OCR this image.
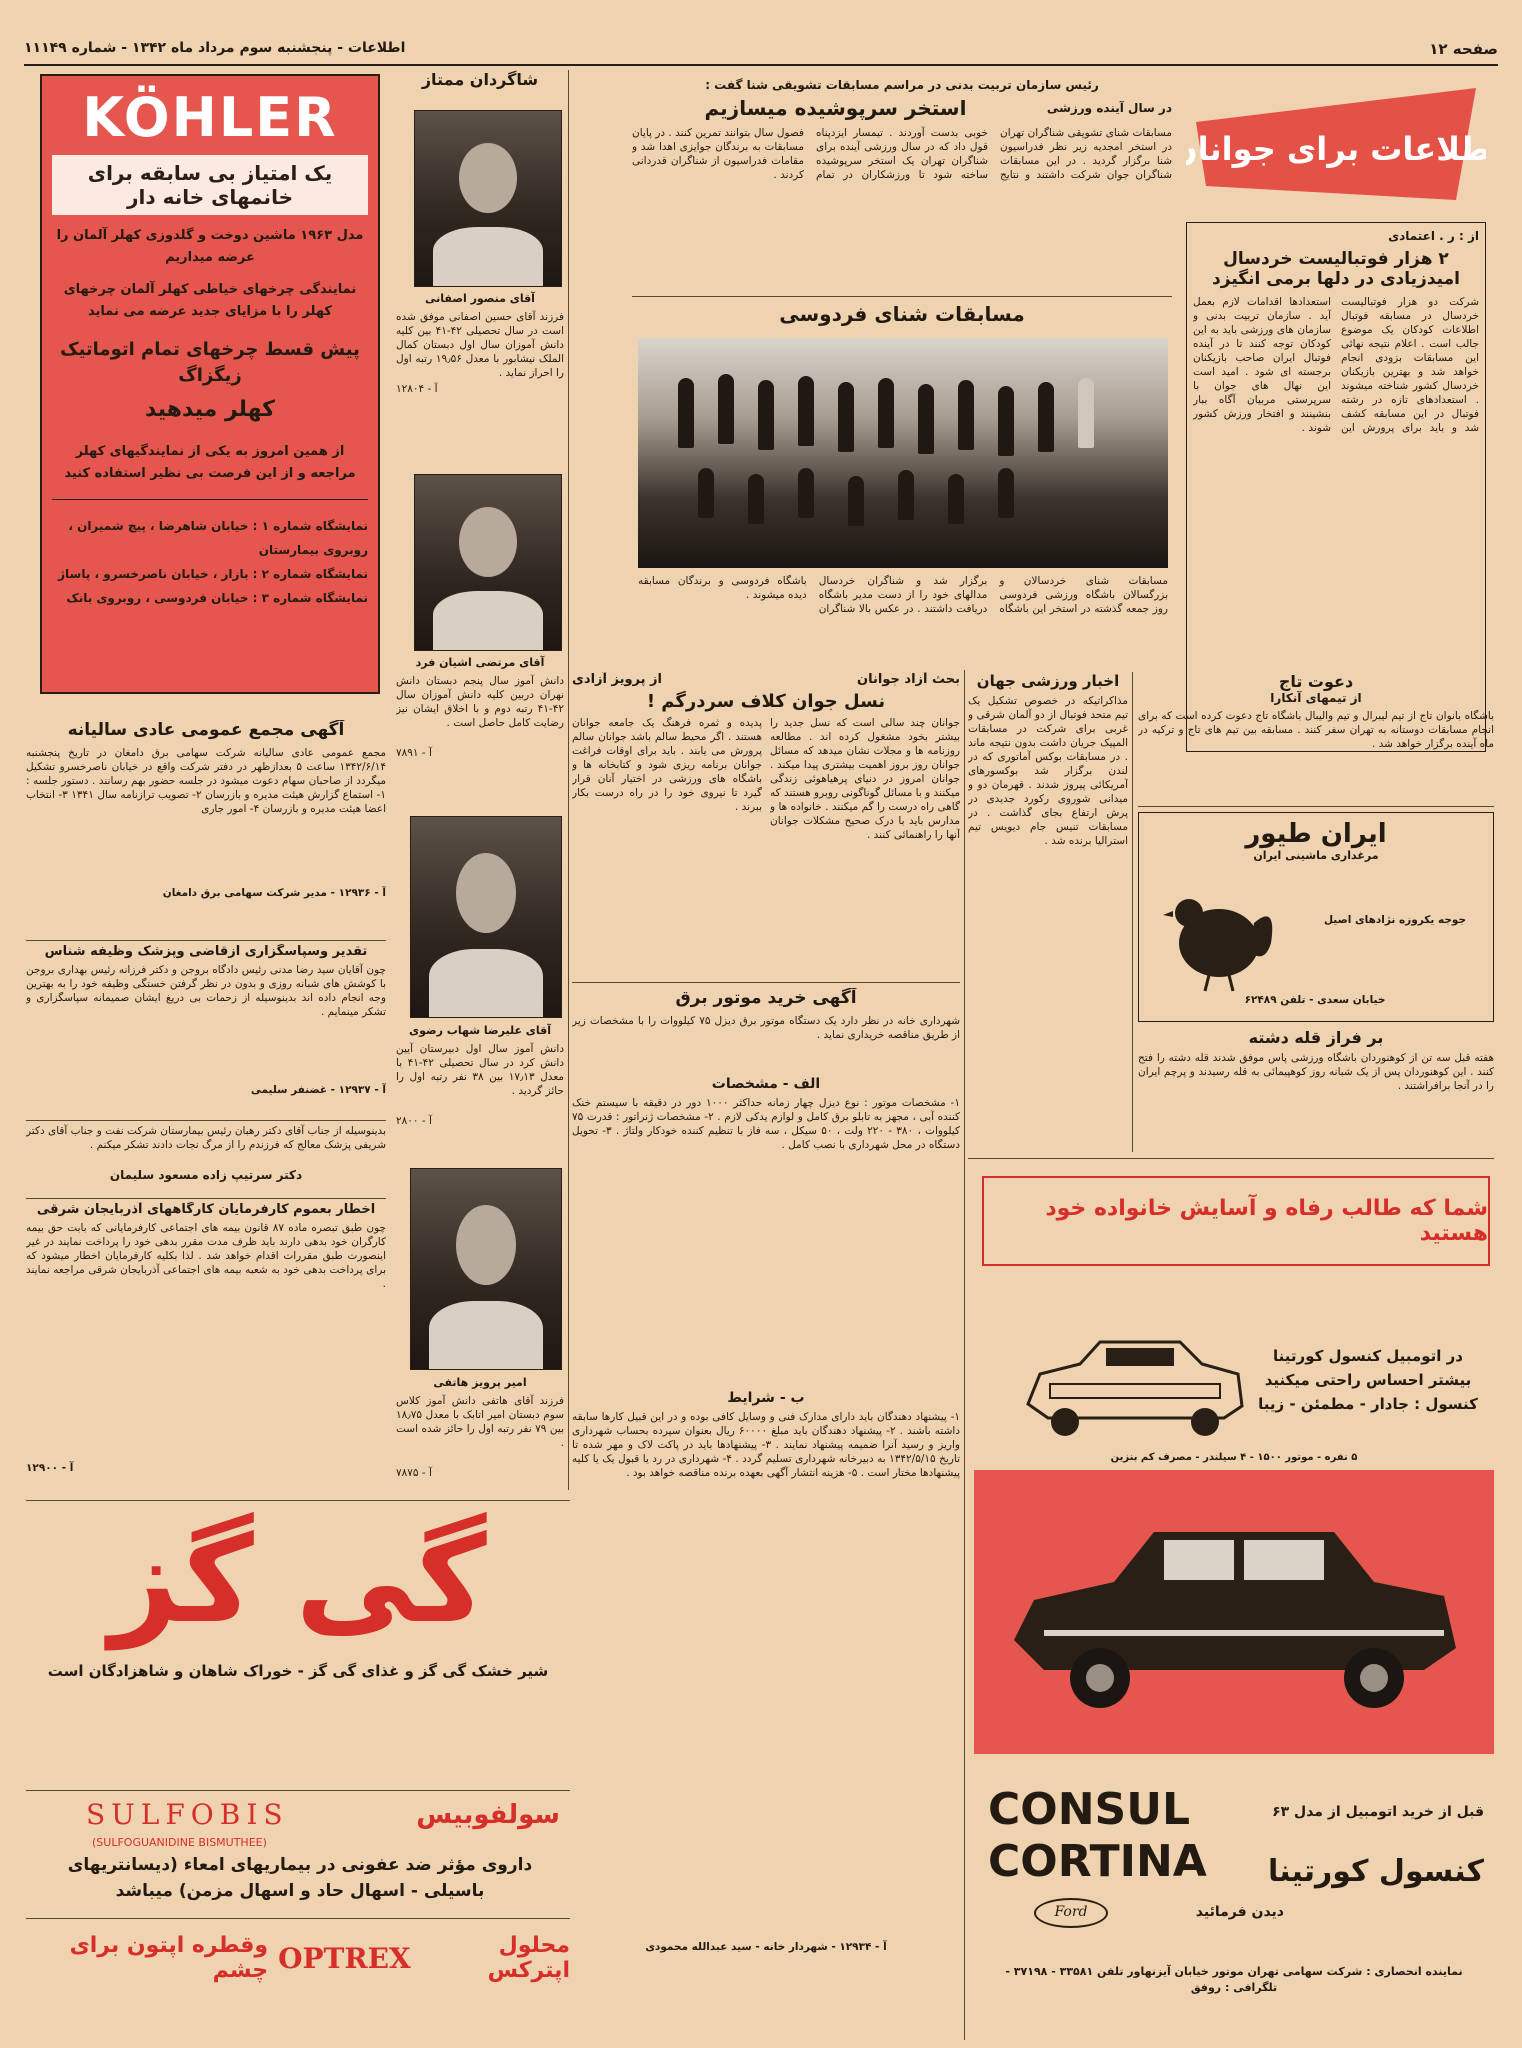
صفحه ۱۲
اطلاعات - پنجشنبه سوم مرداد ماه ۱۳۴۲ - شماره ۱۱۱۴۹
اطلاعات برای جوانان
از : ر . اعتمادی
۲ هزار فوتبالیست خردسال امیدزیادی در دلها برمی انگیزد
شرکت دو هزار فوتبالیست خردسال در مسابقه فوتبال اطلاعات کودکان یک موضوع جالب است . اعلام نتیجه نهائی این مسابقات بزودی انجام خواهد شد و بهترین بازیکنان خردسال کشور شناخته میشوند . استعدادهای تازه در رشته فوتبال در این مسابقه کشف شد و باید برای پرورش این استعدادها اقدامات لازم بعمل آید . سازمان تربیت بدنی و سازمان های ورزشی باید به این کودکان توجه کنند تا در آینده فوتبال ایران صاحب بازیکنان برجسته ای شود . امید است این نهال های جوان با سرپرستی مربیان آگاه ببار بنشینند و افتخار ورزش کشور شوند .
رئیس سازمان تربیت بدنی در مراسم مسابقات تشویقی شنا گفت :
در سال آینده ورزشی
استخر سرپوشیده میسازیم
مسابقات شنای تشویقی شناگران تهران در استخر امجدیه زیر نظر فدراسیون شنا برگزار گردید . در این مسابقات شناگران جوان شرکت داشتند و نتایج خوبی بدست آوردند . تیمسار ایزدپناه قول داد که در سال ورزشی آینده برای شناگران تهران یک استخر سرپوشیده ساخته شود تا ورزشکاران در تمام فصول سال بتوانند تمرین کنند . در پایان مسابقات به برندگان جوایزی اهدا شد و مقامات فدراسیون از شناگران قدردانی کردند .
مسابقات شنای فردوسی
مسابقات شنای خردسالان و بزرگسالان باشگاه ورزشی فردوسی روز جمعه گذشته در استخر این باشگاه برگزار شد و شناگران خردسال مدالهای خود را از دست مدیر باشگاه دریافت داشتند . در عکس بالا شناگران باشگاه فردوسی و برندگان مسابقه دیده میشوند .
شاگردان ممتاز
آقای منصور اصفانی
فرزند آقای حسین اصفانی موفق شده است در سال تحصیلی ۴۲-۴۱ بین کلیه دانش آموزان سال اول دبستان کمال الملک نیشابور با معدل ۱۹٫۵۶ رتبه اول را احراز نماید .
آ - ۱۲۸۰۴
آقای مرتضی اشیان فرد
دانش آموز سال پنجم دبستان دانش نهران دربین کلیه دانش آموزان سال ۴۲-۴۱ رتبه دوم و با اخلاق ایشان نیز رضایت کامل حاصل است .
آ - ۷۸۹۱
آقای علیرضا شهاب رضوی
دانش آموز سال اول دبیرستان آیین دانش کرد در سال تحصیلی ۴۲-۴۱ با معدل ۱۷٫۱۳ بین ۳۸ نفر رتبه اول را حائز گردید .
آ - ۲۸۰۰
امیر پرویز هاتفی
فرزند آقای هاتفی دانش آموز کلاس سوم دبستان امیر اتابک با معدل ۱۸٫۷۵ بین ۷۹ نفر رتبه اول را حائز شده است .
آ - ۷۸۷۵
KÖHLER
یک امتیاز بی سابقه برای خانمهای خانه دار
مدل ۱۹۶۳ ماشین دوخت و گلدوزی کهلر آلمان را عرضه میداریم
نمایندگی چرخهای خیاطی کهلر آلمان چرخهای کهلر را با مزایای جدید عرضه می نماید
پیش قسط چرخهای تمام اتوماتیک زیگزاگ
کهلر میدهید
از همین امروز به یکی از نمایندگیهای کهلر مراجعه و از این فرصت بی نظیر استفاده کنید
نمایشگاه شماره ۱ : خیابان شاهرضا ، پیچ شمیران ، روبروی بیمارستان
نمایشگاه شماره ۲ : بازار ، خیابان ناصرخسرو ، پاساژ
نمایشگاه شماره ۳ : خیابان فردوسی ، روبروی بانک
آگهی مجمع عمومی عادی سالیانه
مجمع عمومی عادی سالیانه شرکت سهامی برق دامغان در تاریخ پنجشنبه ۱۳۴۲/۶/۱۴ ساعت ۵ بعدازظهر در دفتر شرکت واقع در خیابان ناصرخسرو تشکیل میگردد از صاحبان سهام دعوت میشود در جلسه حضور بهم رسانند . دستور جلسه : ۱- استماع گزارش هیئت مدیره و بازرسان ۲- تصویب ترازنامه سال ۱۳۴۱ ۳- انتخاب اعضا هیئت مدیره و بازرسان ۴- امور جاری
آ - ۱۲۹۳۶ - مدیر شرکت سهامی برق دامغان
تقدیر وسپاسگزاری ازقاضی وپزشک وظیفه شناس
چون آقایان سید رضا مدنی رئیس دادگاه بروجن و دکتر فرزانه رئیس بهداری بروجن با کوشش های شبانه روزی و بدون در نظر گرفتن خستگی وظیفه خود را به بهترین وجه انجام داده اند بدینوسیله از زحمات بی دریغ ایشان صمیمانه سپاسگزاری و تشکر مینمایم .
آ - ۱۲۹۳۷ - غضنفر سلیمی
بدینوسیله از جناب آقای دکتر رهبان رئیس بیمارستان شرکت نفت و جناب آقای دکتر شریفی پزشک معالج که فرزندم را از مرگ نجات دادند تشکر میکنم .
دکتر سرتیپ زاده مسعود سلیمان
اخطار بعموم کارفرمایان کارگاههای آذربایجان شرقی
چون طبق تبصره ماده ۸۷ قانون بیمه های اجتماعی کارفرمایانی که بابت حق بیمه کارگران خود بدهی دارند باید ظرف مدت مقرر بدهی خود را پرداخت نمایند در غیر اینصورت طبق مقررات اقدام خواهد شد . لذا بکلیه کارفرمایان اخطار میشود که برای پرداخت بدهی خود به شعبه بیمه های اجتماعی آذربایجان شرقی مراجعه نمایند .
آ - ۱۲۹۰۰
گی گز
شیر خشک گی گز و غذای گی گز - خوراک شاهان و شاهزادگان است
SULFOBIS
(SULFOGUANIDINE BISMUTHEE)
سولفوبیس
داروی مؤثر ضد عفونی در بیماریهای امعاء (دیسانتریهای باسیلی - اسهال حاد و اسهال مزمن) میباشد
محلول اپترکس
OPTREX
وقطره اپتون برای چشم
بحث آزاد جوانان
از پرویز آزادی
نسل جوان کلاف سردرگم !
جوانان چند سالی است که نسل جدید را بیشتر بخود مشغول کرده اند . مطالعه روزنامه ها و مجلات نشان میدهد که مسائل جوانان روز بروز اهمیت بیشتری پیدا میکند . جوانان امروز در دنیای پرهیاهوئی زندگی میکنند و با مسائل گوناگونی روبرو هستند که گاهی راه درست را گم میکنند . خانواده ها و مدارس باید با درک صحیح مشکلات جوانان آنها را راهنمائی کنند .
پدیده و ثمره فرهنگ یک جامعه جوانان هستند . اگر محیط سالم باشد جوانان سالم پرورش می یابند . باید برای اوقات فراغت جوانان برنامه ریزی شود و کتابخانه ها و باشگاه های ورزشی در اختیار آنان قرار گیرد تا نیروی خود را در راه درست بکار ببرند .
آگهی خرید موتور برق
شهرداری خانه در نظر دارد یک دستگاه موتور برق دیزل ۷۵ کیلووات را با مشخصات زیر از طریق مناقصه خریداری نماید .
الف - مشخصات
۱- مشخصات موتور : نوع دیزل چهار زمانه حداکثر ۱۰۰۰ دور در دقیقه با سیستم خنک کننده آبی ، مجهز به تابلو برق کامل و لوازم یدکی لازم . ۲- مشخصات ژنراتور : قدرت ۷۵ کیلووات ، ۳۸۰ - ۲۲۰ ولت ، ۵۰ سیکل ، سه فاز با تنظیم کننده خودکار ولتاژ . ۳- تحویل دستگاه در محل شهرداری با نصب کامل .
ب - شرایط
۱- پیشنهاد دهندگان باید دارای مدارک فنی و وسایل کافی بوده و در این قبیل کارها سابقه داشته باشند . ۲- پیشنهاد دهندگان باید مبلغ ۶۰۰۰۰ ریال بعنوان سپرده بحساب شهرداری واریز و رسید آنرا ضمیمه پیشنهاد نمایند . ۳- پیشنهادها باید در پاکت لاک و مهر شده تا تاریخ ۱۳۴۲/۵/۱۵ به دبیرخانه شهرداری تسلیم گردد . ۴- شهرداری در رد یا قبول یک یا کلیه پیشنهادها مختار است . ۵- هزینه انتشار آگهی بعهده برنده مناقصه خواهد بود .
آ - ۱۲۹۳۴ - شهردار خانه - سید عبدالله محمودی
اخبار ورزشی جهان
مذاکراتیکه در خصوص تشکیل یک تیم متحد فوتبال از دو آلمان شرقی و غربی برای شرکت در مسابقات المپیک جریان داشت بدون نتیجه ماند . در مسابقات بوکس آماتوری که در لندن برگزار شد بوکسورهای آمریکائی پیروز شدند . قهرمان دو و میدانی شوروی رکورد جدیدی در پرش ارتفاع بجای گذاشت . در مسابقات تنیس جام دیویس تیم استرالیا برنده شد .
دعوت تاج
از تیمهای آنکارا
باشگاه بانوان تاج از تیم لیبرال و تیم والیبال باشگاه تاج دعوت کرده است که برای انجام مسابقات دوستانه به تهران سفر کنند . مسابقه بین تیم های تاج و ترکیه در ماه آینده برگزار خواهد شد .
ایران طیور
مرغداری ماشینی ایران
جوجه یکروزه نژادهای اصیل
خیابان سعدی - تلفن ۶۲۴۸۹
بر فراز قله دشته
هفته قبل سه تن از کوهنوردان باشگاه ورزشی پاس موفق شدند قله دشته را فتح کنند . این کوهنوردان پس از یک شبانه روز کوهپیمائی به قله رسیدند و پرچم ایران را در آنجا برافراشتند .
شما که طالب رفاه و آسایش خانواده خود هستید
در اتومبیل کنسول کورتینا
بیشتر احساس راحتی میکنید
کنسول : جادار - مطمئن - زیبا
۵ نفره - موتور ۱۵۰۰ - ۴ سیلندر - مصرف کم بنزین
CONSUL
CORTINA
Ford
قبل از خرید اتومبیل از مدل ۶۳
کنسول کورتینا
دیدن فرمائید
نماینده انحصاری : شرکت سهامی تهران موتور خیابان آیزنهاور تلفن ۳۳۵۸۱ - ۳۷۱۹۸ - تلگرافی : روفق
